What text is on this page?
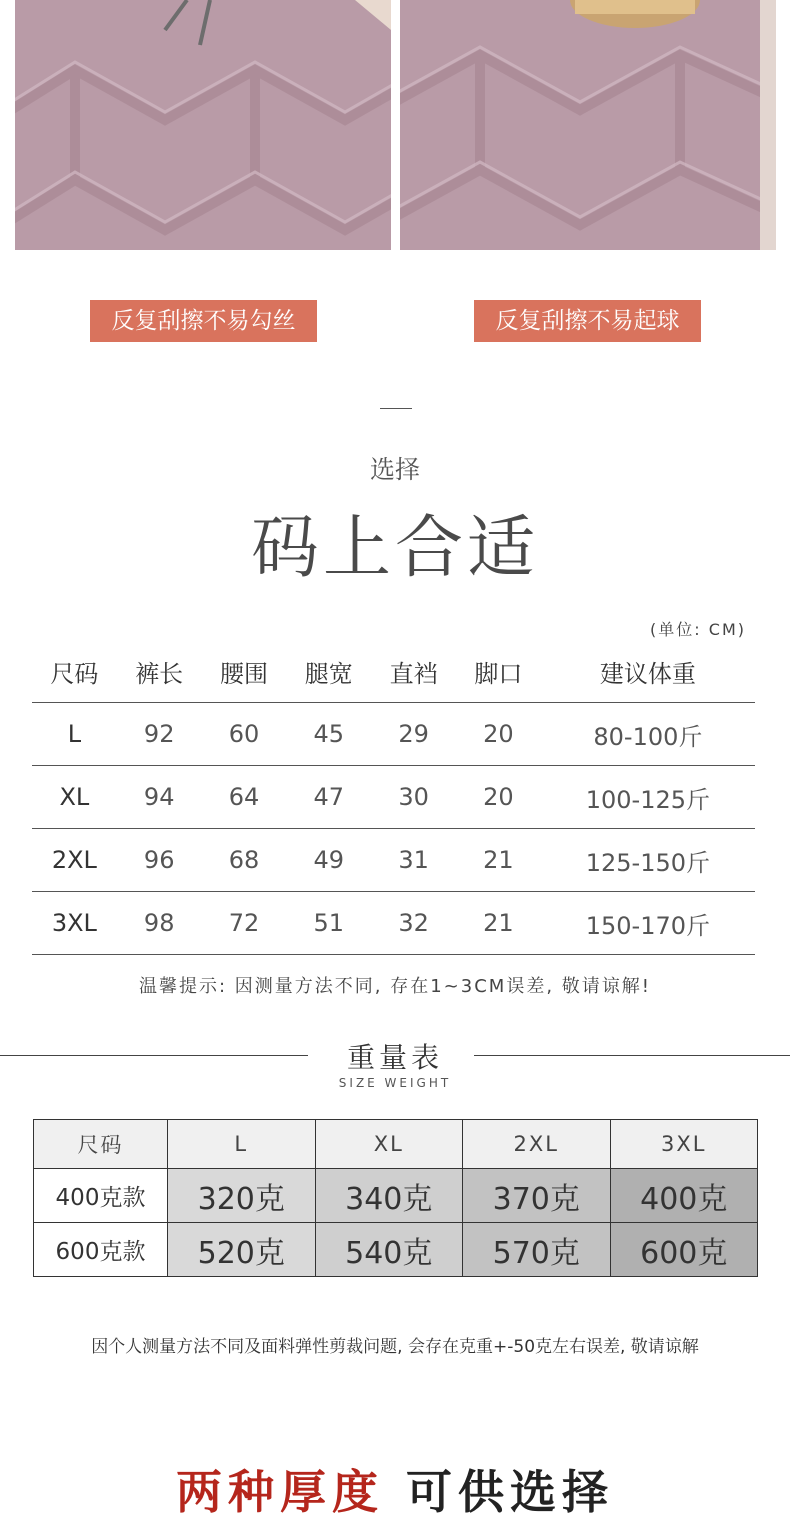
反复刮擦不易勾丝	反复刮擦不易起球
选择
码上合适
(单位: CM)
尺码	裤长	腰围	腿宽	直裆	脚口	建议体重
L	92	60	45	29	20	80-100斤
XL	94	64	47	30	20	100-125斤
2XL	96	68	49	31	21	125-150斤
3XL	98	72	51	32	21	150-170斤
温馨提示: 因测量方法不同, 存在1~3CM误差, 敬请谅解!
重量表
SIZE WEIGHT
尺码	L	XL	2XL	3XL
400克款	320克	340克	370克	400克
600克款	520克	540克	570克	600克
因个人测量方法不同及面料弹性剪裁问题, 会存在克重+-50克左右误差, 敬请谅解
两种厚度 可供选择
